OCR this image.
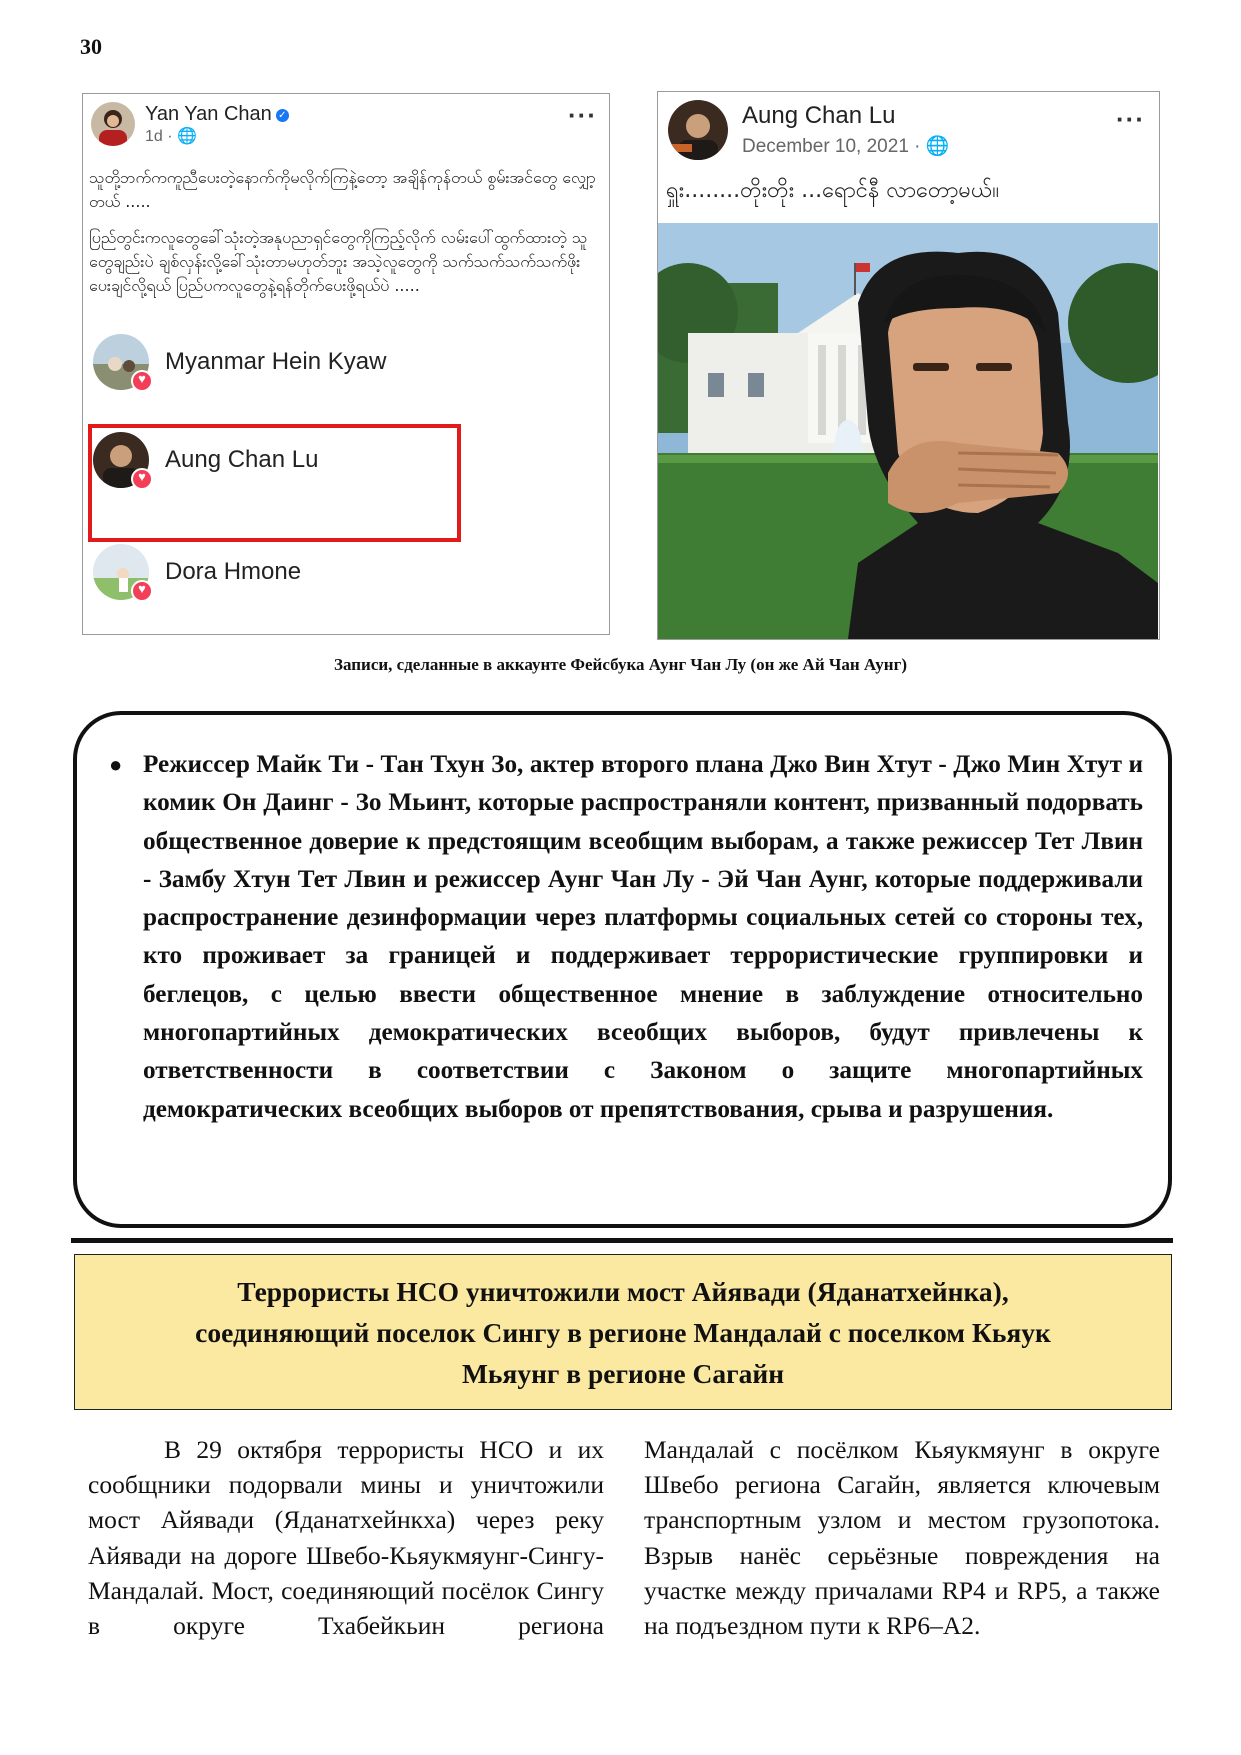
30
Yan Yan Chan ✓
1d · 🌐
···
သူတို့ဘက်ကကူညီပေးတဲ့နောက်ကိုမလိုက်ကြနဲ့တော့ အချိန်ကုန်တယ် စွမ်းအင်တွေ လျှော့တယ် .....
ပြည်တွင်းကလူတွေခေါ်သုံးတဲ့အနုပညာရှင်တွေကိုကြည့်လိုက် လမ်းပေါ်ထွက်ထားတဲ့ သူတွေချည်းပဲ ချစ်လှန်းလို့ခေါ်သုံးတာမဟုတ်ဘူး အသဲ့လူတွေကို သက်သက်သက်သက်ဖိုးပေးချင်လို့ရယ် ပြည်ပကလူတွေနဲ့ရန်တိုက်ပေးဖို့ရယ်ပဲ .....
♥
Myanmar Hein Kyaw
♥
Aung Chan Lu
♥
Dora Hmone
Aung Chan Lu
December 10, 2021 · 🌐
···
ရှူး........တိုးတိုး ...ရောင်နီ လာတော့မယ်။
Записи, сделанные в аккаунте Фейсбука Аунг Чан Лу (он же Ай Чан Аунг)
● Режиссер Майк Ти - Тан Тхун Зо, актер второго плана Джо Вин Хтут - Джо Мин Хтут и комик Он Даинг - Зо Мьинт, которые распространяли контент, призванный подорвать общественное доверие к предстоящим всеобщим выборам, а также режиссер Тет Лвин - Замбу Хтун Тет Лвин и режиссер Аунг Чан Лу - Эй Чан Аунг, которые поддерживали распространение дезинформации через платформы социальных сетей со стороны тех, кто проживает за границей и поддерживает террористические группировки и беглецов, с целью ввести общественное мнение в заблуждение относительно многопартийных демократических всеобщих выборов, будут привлечены к ответственности в соответствии с Законом о защите многопартийных демократических всеобщих выборов от препятствования, срыва и разрушения.
Террористы НСО уничтожили мост Айявади (Яданатхейнка),
соединяющий поселок Сингу в регионе Мандалай с поселком Кьяук
Мьяунг в регионе Сагайн

В 29 октября террористы НСО и их сообщники подорвали мины и уничтожили мост Айявади (Яданатхейнкха) через реку Айявади на дороге Швебо-Кьяукмяунг-Сингу-Мандалай. Мост, соединяющий посёлок Сингу в округе Тхабейкьин региона

Мандалай с посёлком Кьяукмяунг в округе Швебо региона Сагайн, является ключевым транспортным узлом и местом грузопотока. Взрыв нанёс серьёзные повреждения на участке между причалами RP4 и RP5, а также на подъездном пути к RP6–A2.
